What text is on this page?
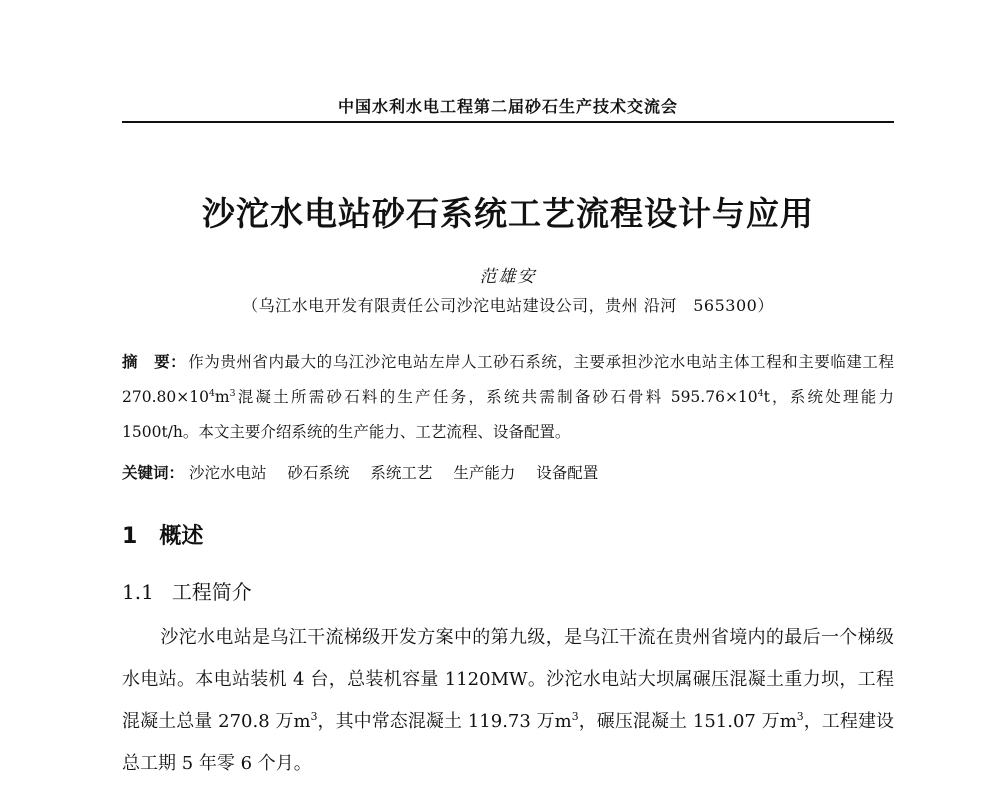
中国水利水电工程第二届砂石生产技术交流会
沙沱水电站砂石系统工艺流程设计与应用
范雄安
（乌江水电开发有限责任公司沙沱电站建设公司，贵州 沿河　565300）
摘　要： 作为贵州省内最大的乌江沙沱电站左岸人工砂石系统，主要承担沙沱水电站主体工程和主要临建工程 $270.80\times 10^4m^3$混凝土所需砂石料的生产任务，系统共需制备砂石骨料 $595.76\times 10^4t$，系统处理能力 1500t/h。本文主要介绍系统的生产能力、工艺流程、设备配置。
关键词： 沙沱水电站 砂石系统 系统工艺 生产能力 设备配置
1 概述
1.1 工程简介
沙沱水电站是乌江干流梯级开发方案中的第九级，是乌江干流在贵州省境内的最后一个梯级水电站。本电站装机 4 台，总装机容量 1120MW。沙沱水电站大坝属碾压混凝土重力坝，工程混凝土总量 270.8 万$m^3$，其中常态混凝土 119.73 万$m^3$，碾压混凝土 151.07 万$m^3$，工程建设总工期 5 年零 6 个月。
